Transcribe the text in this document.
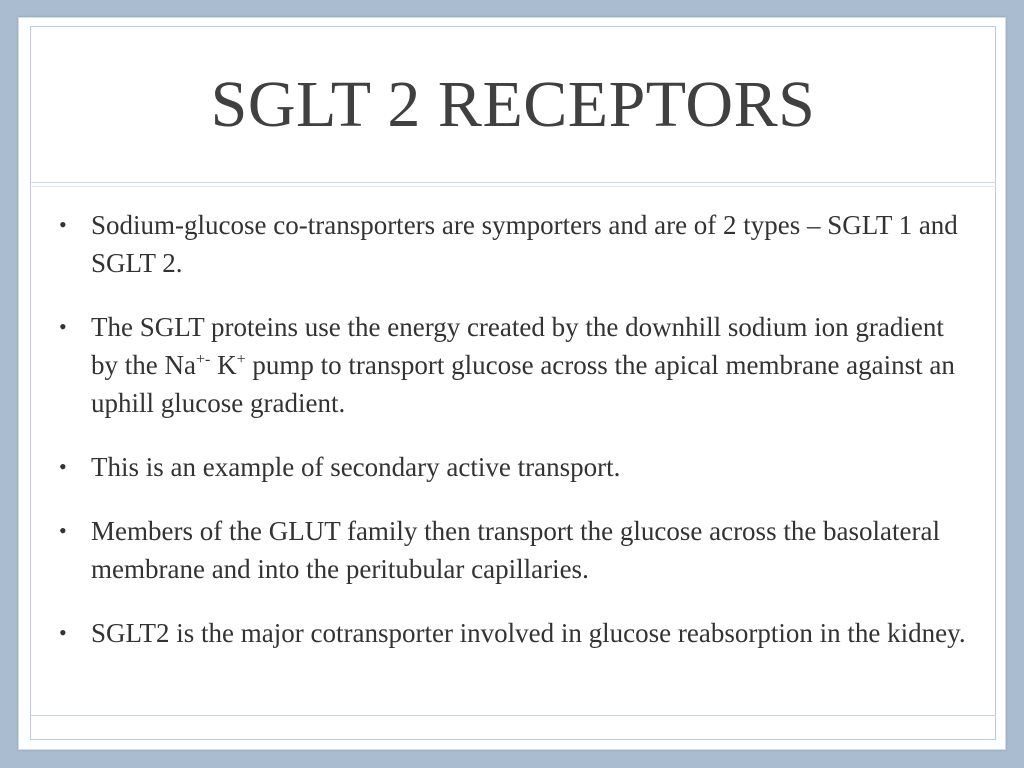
SGLT 2 RECEPTORS
• Sodium-glucose co-transporters are symporters and are of 2 types – SGLT 1 and SGLT 2.
• The SGLT proteins use the energy created by the downhill sodium ion gradient by the Na+- K+ pump to transport glucose across the apical membrane against an uphill glucose gradient.
• This is an example of secondary active transport.
• Members of the GLUT family then transport the glucose across the basolateral membrane and into the peritubular capillaries.
• SGLT2 is the major cotransporter involved in glucose reabsorption in the kidney.
